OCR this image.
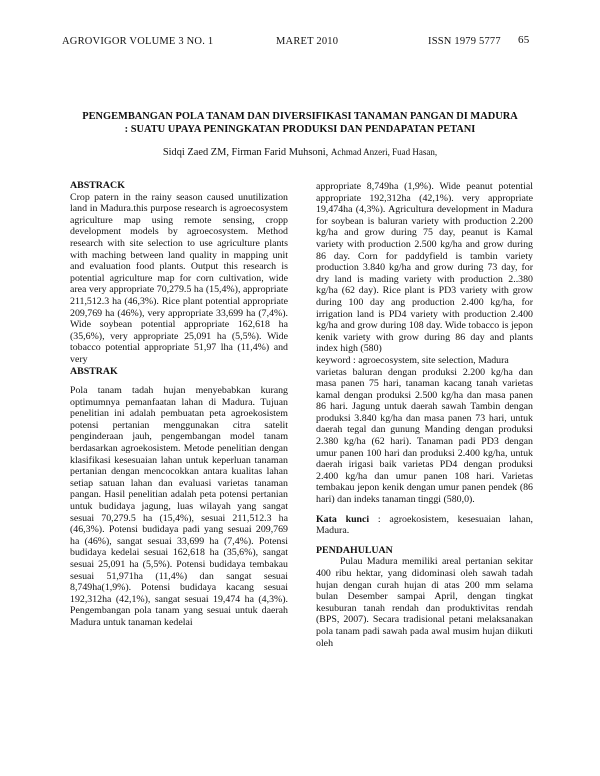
AGROVIGOR VOLUME 3 NO. 1	MARET 2010	ISSN 1979 5777 65
PENGEMBANGAN POLA TANAM DAN DIVERSIFIKASI TANAMAN PANGAN DI MADURA
: SUATU UPAYA PENINGKATAN PRODUKSI DAN PENDAPATAN PETANI
Sidqi Zaed ZM, Firman Farid Muhsoni, Achmad Anzeri, Fuad Hasan,

ABSTRACK

Crop patern in the rainy season caused unutilization land in Madura.this purpose research is agroecosystem agriculture map using remote sensing, cropp development models by agroecosystem. Method research with site selection to use agriculture plants with maching between land quality in mapping unit and evaluation food plants. Output this research is potential agriculture map for corn cultivation, wide area very appropriate 70,279.5 ha (15,4%), appropriate 211,512.3 ha (46,3%). Rice plant potential appropriate 209,769 ha (46%), very appropriate 33,699 ha (7,4%). Wide soybean potential appropriate 162,618 ha (35,6%), very appropriate 25,091 ha (5,5%). Wide tobacco potential appropriate 51,97 lha (11,4%) and very

ABSTRAK

Pola tanam tadah hujan menyebabkan kurang optimumnya pemanfaatan lahan di Madura. Tujuan penelitian ini adalah pembuatan peta agroekosistem potensi pertanian menggunakan citra satelit penginderaan jauh, pengembangan model tanam berdasarkan agroekosistem. Metode penelitian dengan klasifikasi kesesuaian lahan untuk keperluan tanaman pertanian dengan mencocokkan antara kualitas lahan setiap satuan lahan dan evaluasi varietas tanaman pangan. Hasil penelitian adalah peta potensi pertanian untuk budidaya jagung, luas wilayah yang sangat sesuai 70,279.5 ha (15,4%), sesuai 211,512.3 ha (46,3%). Potensi budidaya padi yang sesuai 209,769 ha (46%), sangat sesuai 33,699 ha (7,4%). Potensi budidaya kedelai sesuai 162,618 ha (35,6%), sangat sesuai 25,091 ha (5,5%). Potensi budidaya tembakau sesuai 51,971ha (11,4%) dan sangat sesuai 8,749ha(1,9%). Potensi budidaya kacang sesuai 192,312ha (42,1%), sangat sesuai 19,474 ha (4,3%). Pengembangan pola tanam yang sesuai untuk daerah Madura untuk tanaman kedelai

appropriate 8,749ha (1,9%). Wide peanut potential appropriate 192,312ha (42,1%). very appropriate 19,474ha (4,3%). Agricultura development in Madura for soybean is baluran variety with production 2.200 kg/ha and grow during 75 day, peanut is Kamal variety with production 2.500 kg/ha and grow during 86 day. Corn for paddyfield is tambin variety production 3.840 kg/ha and grow during 73 day, for dry land is mading variety with production 2..380 kg/ha (62 day). Rice plant is PD3 variety with grow during 100 day ang production 2.400 kg/ha, for irrigation land is PD4 variety with production 2.400 kg/ha and grow during 108 day. Wide tobacco is jepon kenik variety with grow during 86 day and plants index high (580)

keyword : agroecosystem, site selection, Madura

varietas baluran dengan produksi 2.200 kg/ha dan masa panen 75 hari, tanaman kacang tanah varietas kamal dengan produksi 2.500 kg/ha dan masa panen 86 hari. Jagung untuk daerah sawah Tambin dengan produksi 3.840 kg/ha dan masa panen 73 hari, untuk daerah tegal dan gunung Manding dengan produksi 2.380 kg/ha (62 hari). Tanaman padi PD3 dengan umur panen 100 hari dan produksi 2.400 kg/ha, untuk daerah irigasi baik varietas PD4 dengan produksi 2.400 kg/ha dan umur panen 108 hari. Varietas tembakau jepon kenik dengan umur panen pendek (86 hari) dan indeks tanaman tinggi (580,0).

Kata kunci : agroekosistem, kesesuaian lahan, Madura.

PENDAHULUAN

Pulau Madura memiliki areal pertanian sekitar 400 ribu hektar, yang didominasi oleh sawah tadah hujan dengan curah hujan di atas 200 mm selama bulan Desember sampai April, dengan tingkat kesuburan tanah rendah dan produktivitas rendah (BPS, 2007). Secara tradisional petani melaksanakan pola tanam padi sawah pada awal musim hujan diikuti oleh
